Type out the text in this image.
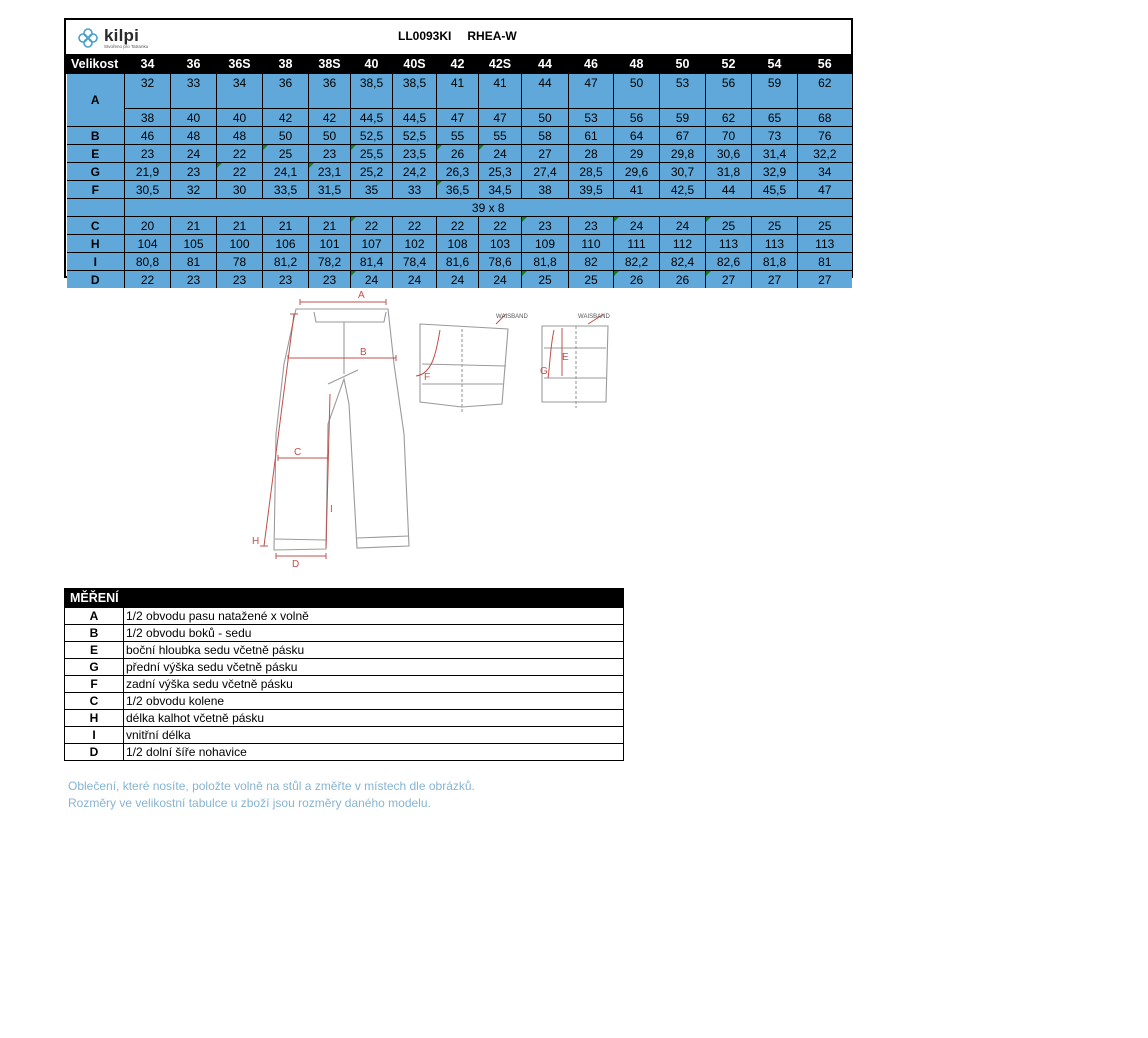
kilpi
Stvořeno pro Tatranku
LL0093KI RHEA-W
Velikost	34	36	36S	38	38S	40	40S	42	42S	44	46	48	50	52	54	56
A	32	33	34	36	36	38,5	38,5	41	41	44	47	50	53	56	59	62

	38	40	40	42	42	44,5	44,5	47	47	50	53	56	59	62	65	68
B	46	48	48	50	50	52,5	52,5	55	55	58	61	64	67	70	73	76
E	23	24	22	25	23	25,5	23,5	26	24	27	28	29	29,8	30,6	31,4	32,2
G	21,9	23	22	24,1	23,1	25,2	24,2	26,3	25,3	27,4	28,5	29,6	30,7	31,8	32,9	34
F	30,5	32	30	33,5	31,5	35	33	36,5	34,5	38	39,5	41	42,5	44	45,5	47
	39 x 8															
C	20	21	21	21	21	22	22	22	22	23	23	24	24	25	25	25
H	104	105	100	106	101	107	102	108	103	109	110	111	112	113	113	113
I	80,8	81	78	81,2	78,2	81,4	78,4	81,6	78,6	81,8	82	82,2	82,4	82,6	81,8	81
D	22	23	23	23	23	24	24	24	24	25	25	26	26	27	27	27
A
B
C
H
I
D
F
E
G
WAISBAND	WAISBAND
MĚŘENÍ	
A	1/2 obvodu pasu natažené x volně
B	1/2 obvodu boků - sedu
E	boční hloubka sedu včetně pásku
G	přední výška sedu včetně pásku
F	zadní výška sedu včetně pásku
C	1/2 obvodu kolene
H	délka kalhot včetně pásku
I	vnitřní délka
D	1/2 dolní šíře nohavice
Oblečení, které nosíte, položte volně na stůl a změřte v místech dle obrázků.
Rozměry ve velikostní tabulce u zboží jsou rozměry daného modelu.
